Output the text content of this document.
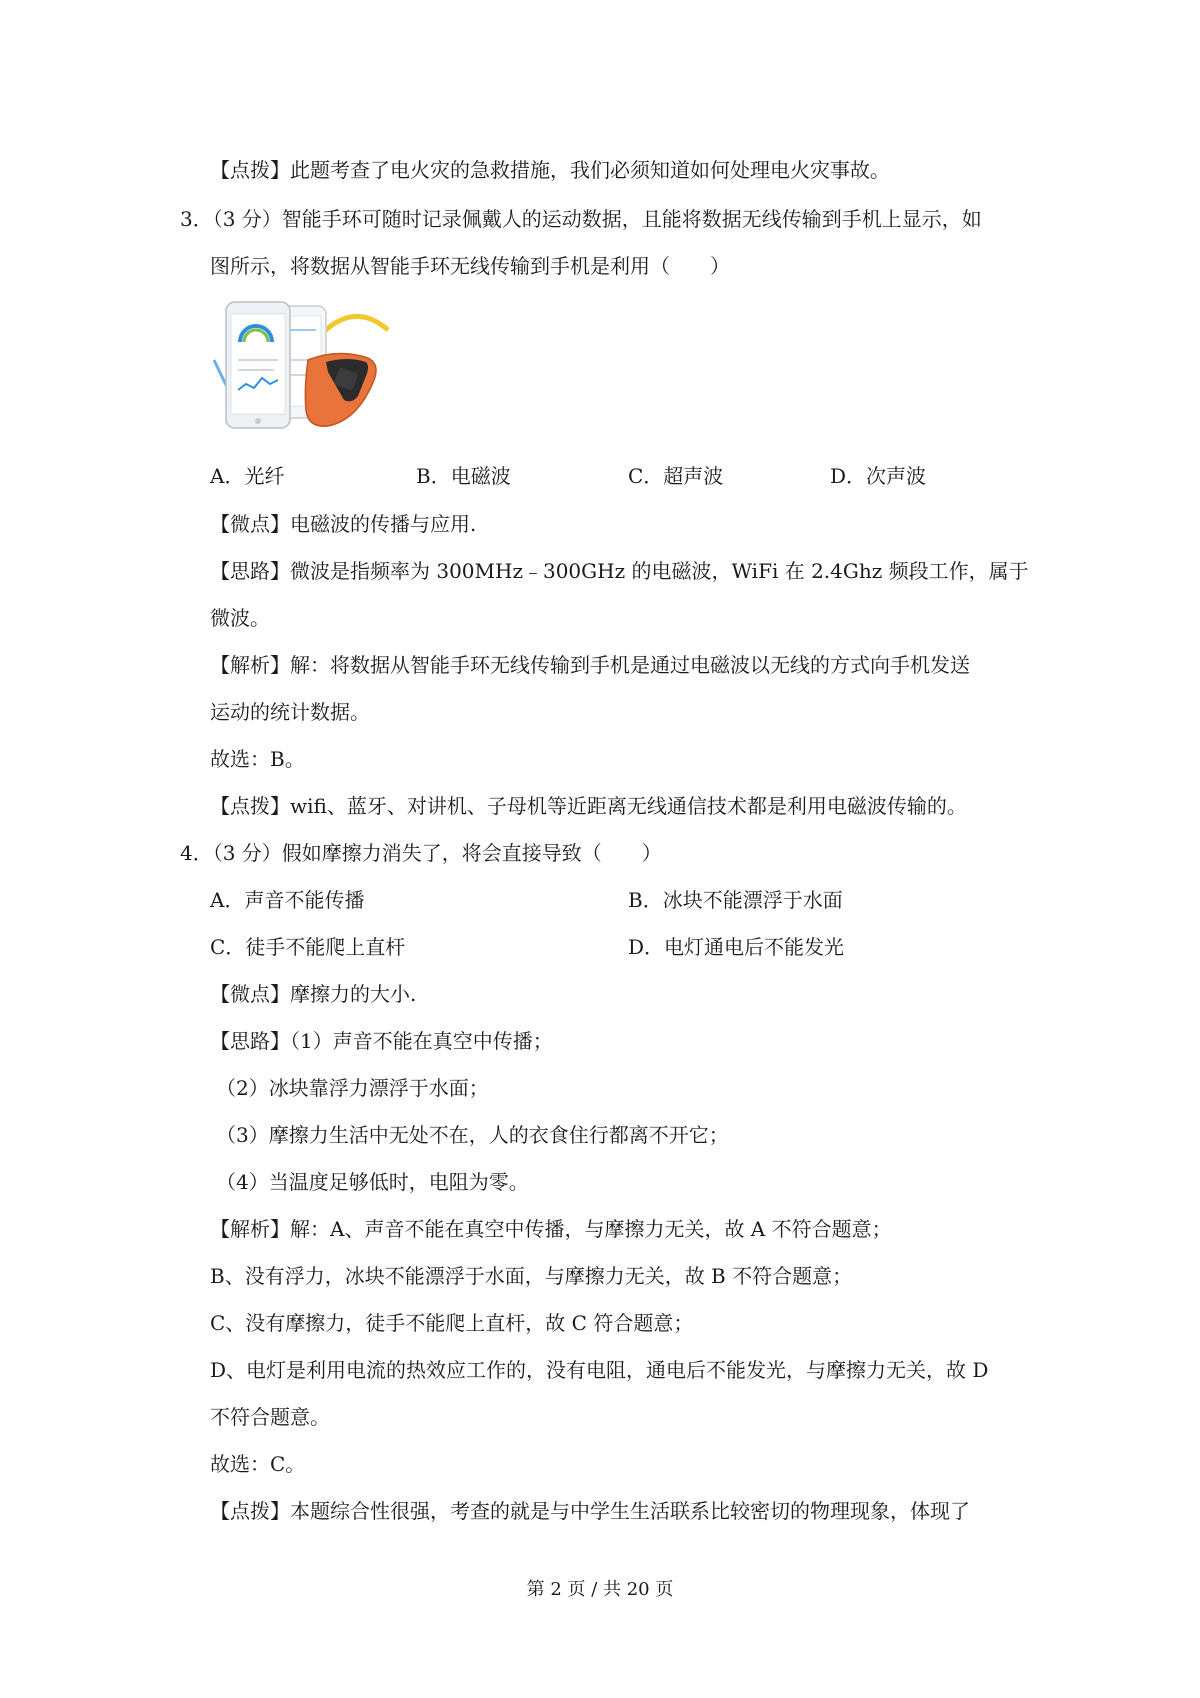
【点拨】此题考查了电火灾的急救措施，我们必须知道如何处理电火灾事故。
3．（3 分）智能手环可随时记录佩戴人的运动数据，且能将数据无线传输到手机上显示，如
图所示，将数据从智能手环无线传输到手机是利用（　　）
A．光纤	B．电磁波	C．超声波	D．次声波
【微点】电磁波的传播与应用.
【思路】微波是指频率为 300MHz﹣300GHz 的电磁波，WiFi 在 2.4Ghz 频段工作，属于
微波。
【解析】解：将数据从智能手环无线传输到手机是通过电磁波以无线的方式向手机发送
运动的统计数据。
故选：B。
【点拨】wifi、蓝牙、对讲机、子母机等近距离无线通信技术都是利用电磁波传输的。
4．（3 分）假如摩擦力消失了，将会直接导致（　　）
A．声音不能传播	B．冰块不能漂浮于水面
C．徒手不能爬上直杆	D．电灯通电后不能发光
【微点】摩擦力的大小.
【思路】（1）声音不能在真空中传播；
（2）冰块靠浮力漂浮于水面；
（3）摩擦力生活中无处不在，人的衣食住行都离不开它；
（4）当温度足够低时，电阻为零。
【解析】解：A、声音不能在真空中传播，与摩擦力无关，故 A 不符合题意；
B、没有浮力，冰块不能漂浮于水面，与摩擦力无关，故 B 不符合题意；
C、没有摩擦力，徒手不能爬上直杆，故 C 符合题意；
D、电灯是利用电流的热效应工作的，没有电阻，通电后不能发光，与摩擦力无关，故 D
不符合题意。
故选：C。
【点拨】本题综合性很强，考查的就是与中学生生活联系比较密切的物理现象，体现了
第 2 页 / 共 20 页
